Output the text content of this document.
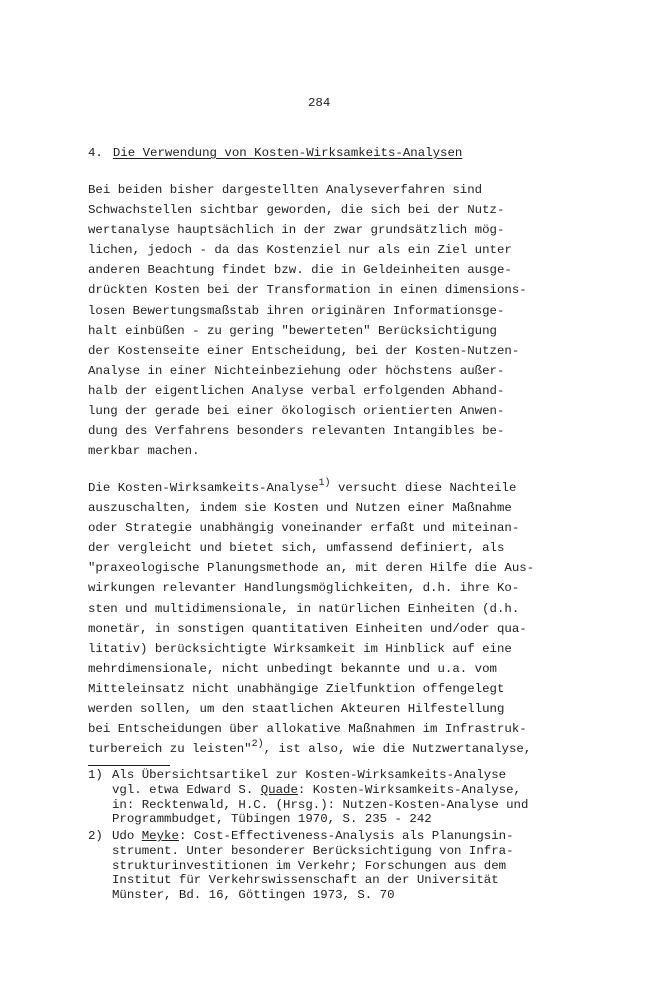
284
4. Die Verwendung von Kosten-Wirksamkeits-Analysen
Bei beiden bisher dargestellten Analyseverfahren sind
Schwachstellen sichtbar geworden, die sich bei der Nutz-
wertanalyse hauptsächlich in der zwar grundsätzlich mög-
lichen, jedoch - da das Kostenziel nur als ein Ziel unter
anderen Beachtung findet bzw. die in Geldeinheiten ausge-
drückten Kosten bei der Transformation in einen dimensions-
losen Bewertungsmaßstab ihren originären Informationsge-
halt einbüßen - zu gering "bewerteten" Berücksichtigung
der Kostenseite einer Entscheidung, bei der Kosten-Nutzen-
Analyse in einer Nichteinbeziehung oder höchstens außer-
halb der eigentlichen Analyse verbal erfolgenden Abhand-
lung der gerade bei einer ökologisch orientierten Anwen-
dung des Verfahrens besonders relevanten Intangibles be-
merkbar machen.
Die Kosten-Wirksamkeits-Analyse$^{1)}$ versucht diese Nachteile
auszuschalten, indem sie Kosten und Nutzen einer Maßnahme
oder Strategie unabhängig voneinander erfaßt und miteinan-
der vergleicht und bietet sich, umfassend definiert, als
"praxeologische Planungsmethode an, mit deren Hilfe die Aus-
wirkungen relevanter Handlungsmöglichkeiten, d.h. ihre Ko-
sten und multidimensionale, in natürlichen Einheiten (d.h.
monetär, in sonstigen quantitativen Einheiten und/oder qua-
litativ) berücksichtigte Wirksamkeit im Hinblick auf eine
mehrdimensionale, nicht unbedingt bekannte und u.a. vom
Mitteleinsatz nicht unabhängige Zielfunktion offengelegt
werden sollen, um den staatlichen Akteuren Hilfestellung
bei Entscheidungen über allokative Maßnahmen im Infrastruk-
turbereich zu leisten"$^{2)}$, ist also, wie die Nutzwertanalyse,
1) Als Übersichtsartikel zur Kosten-Wirksamkeits-Analyse
vgl. etwa Edward S. Quade: Kosten-Wirksamkeits-Analyse,
in: Recktenwald, H.C. (Hrsg.): Nutzen-Kosten-Analyse und
Programmbudget, Tübingen 1970, S. 235 - 242
2) Udo Meyke: Cost-Effectiveness-Analysis als Planungsin-
strument. Unter besonderer Berücksichtigung von Infra-
strukturinvestitionen im Verkehr; Forschungen aus dem
Institut für Verkehrswissenschaft an der Universität
Münster, Bd. 16, Göttingen 1973, S. 70
